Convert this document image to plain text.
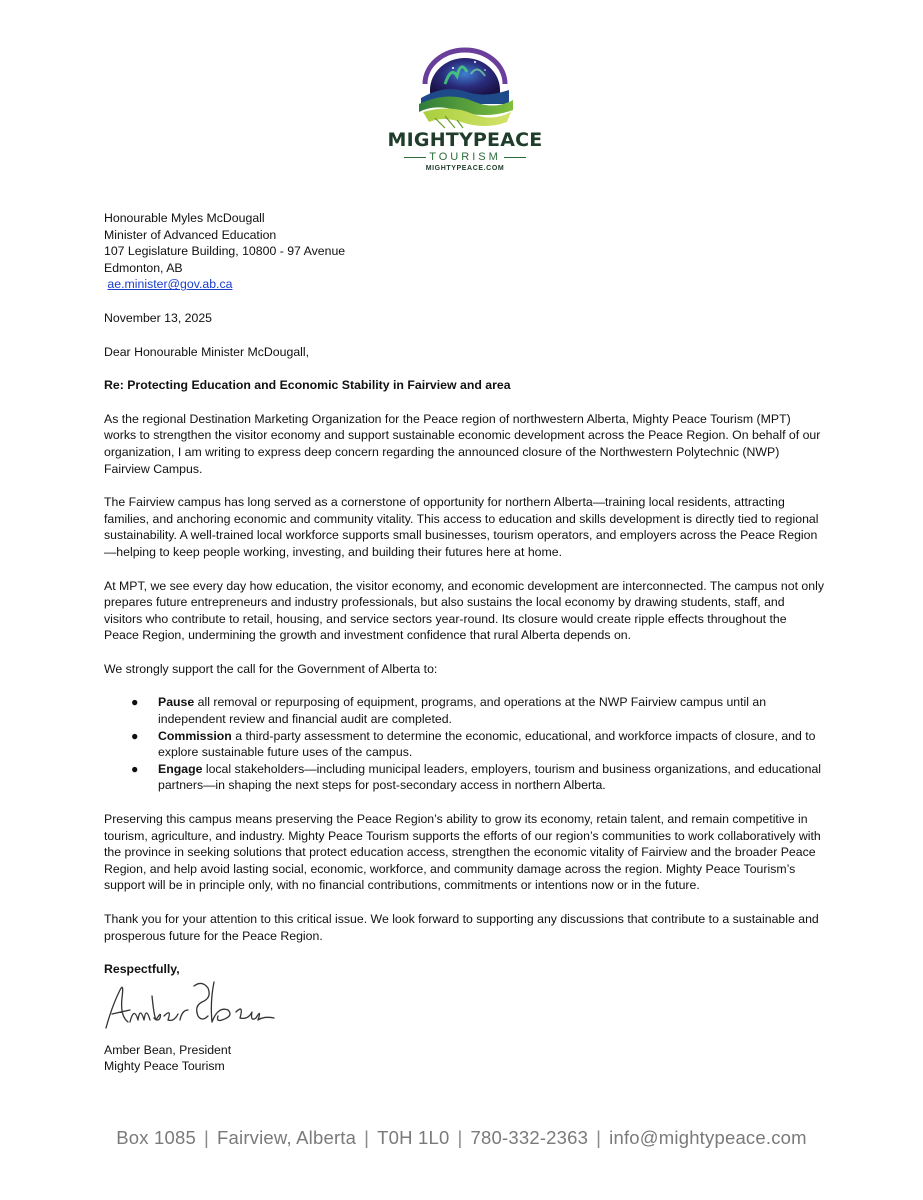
MIGHTYPEACE
TOURISM
MIGHTYPEACE.COM

Honourable Myles McDougall

Minister of Advanced Education

107 Legislature Building, 10800 - 97 Avenue

Edmonton, AB

ae.minister@gov.ab.ca

November 13, 2025

Dear Honourable Minister McDougall,

Re: Protecting Education and Economic Stability in Fairview and area

As the regional Destination Marketing Organization for the Peace region of northwestern Alberta, Mighty Peace Tourism (MPT) works to strengthen the visitor economy and support sustainable economic development across the Peace Region. On behalf of our organization, I am writing to express deep concern regarding the announced closure of the Northwestern Polytechnic (NWP) Fairview Campus.

The Fairview campus has long served as a cornerstone of opportunity for northern Alberta—training local residents, attracting families, and anchoring economic and community vitality. This access to education and skills development is directly tied to regional sustainability. A well-trained local workforce supports small businesses, tourism operators, and employers across the Peace Region—helping to keep people working, investing, and building their futures here at home.

At MPT, we see every day how education, the visitor economy, and economic development are interconnected. The campus not only prepares future entrepreneurs and industry professionals, but also sustains the local economy by drawing students, staff, and visitors who contribute to retail, housing, and service sectors year-round. Its closure would create ripple effects throughout the Peace Region, undermining the growth and investment confidence that rural Alberta depends on.

We strongly support the call for the Government of Alberta to:

● Pause all removal or repurposing of equipment, programs, and operations at the NWP Fairview campus until an independent review and financial audit are completed.
● Commission a third-party assessment to determine the economic, educational, and workforce impacts of closure, and to explore sustainable future uses of the campus.
● Engage local stakeholders—including municipal leaders, employers, tourism and business organizations, and educational partners—in shaping the next steps for post-secondary access in northern Alberta.

Preserving this campus means preserving the Peace Region’s ability to grow its economy, retain talent, and remain competitive in tourism, agriculture, and industry. Mighty Peace Tourism supports the efforts of our region’s communities to work collaboratively with the province in seeking solutions that protect education access, strengthen the economic vitality of Fairview and the broader Peace Region, and help avoid lasting social, economic, workforce, and community damage across the region. Mighty Peace Tourism’s support will be in principle only, with no financial contributions, commitments or intentions now or in the future.

Thank you for your attention to this critical issue. We look forward to supporting any discussions that contribute to a sustainable and prosperous future for the Peace Region.

Respectfully,

Amber Bean, President

Mighty Peace Tourism

Box 1085 | Fairview, Alberta | T0H 1L0 | 780-332-2363 | info@mightypeace.com
